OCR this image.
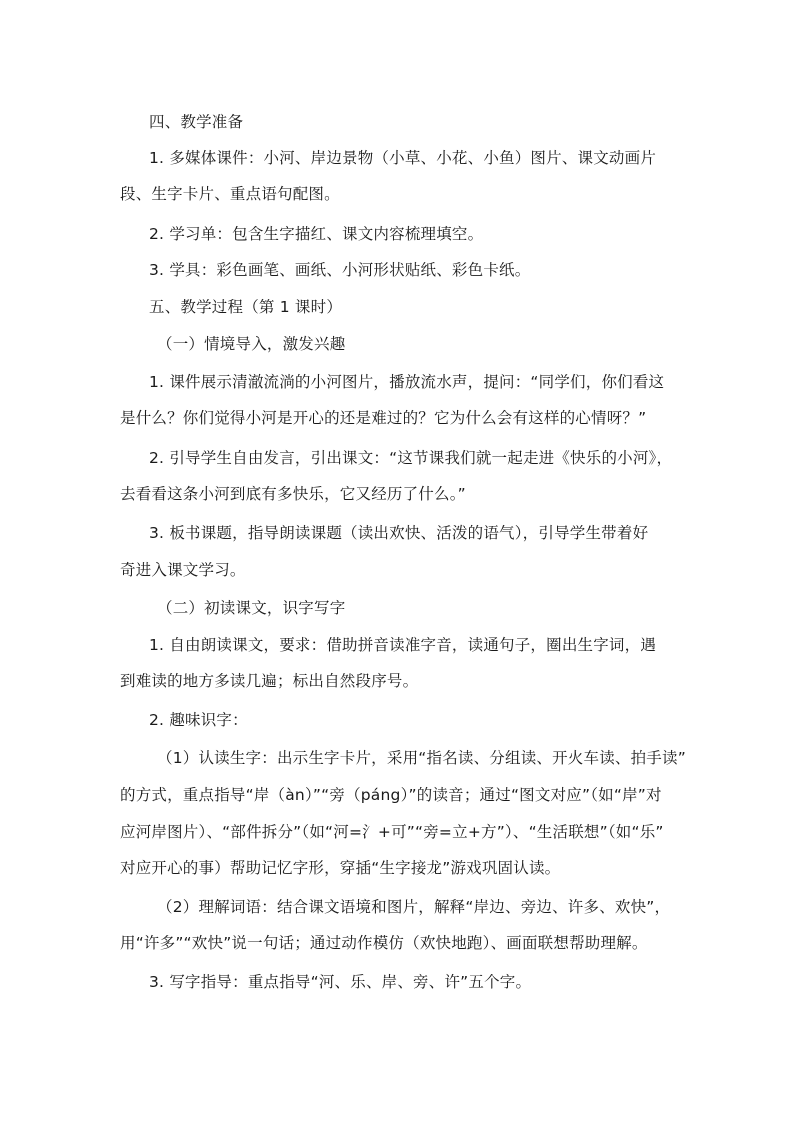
四、教学准备
1. 多媒体课件：小河、岸边景物（小草、小花、小鱼）图片、课文动画片
段、生字卡片、重点语句配图。
2. 学习单：包含生字描红、课文内容梳理填空。
3. 学具：彩色画笔、画纸、小河形状贴纸、彩色卡纸。
五、教学过程（第 1 课时）
（一）情境导入，激发兴趣
1. 课件展示清澈流淌的小河图片，播放流水声，提问：“同学们，你们看这
是什么？你们觉得小河是开心的还是难过的？它为什么会有这样的心情呀？”
2. 引导学生自由发言，引出课文：“这节课我们就一起走进《快乐的小河》，
去看看这条小河到底有多快乐，它又经历了什么。”
3. 板书课题，指导朗读课题（读出欢快、活泼的语气），引导学生带着好
奇进入课文学习。
（二）初读课文，识字写字
1. 自由朗读课文，要求：借助拼音读准字音，读通句子，圈出生字词，遇
到难读的地方多读几遍；标出自然段序号。
2. 趣味识字：
（1）认读生字：出示生字卡片，采用“指名读、分组读、开火车读、拍手读”
的方式，重点指导“岸（àn）”“旁（páng）”的读音；通过“图文对应”（如“岸”对
应河岸图片）、“部件拆分”（如“河=氵+可”“旁=立+方”）、“生活联想”（如“乐”
对应开心的事）帮助记忆字形，穿插“生字接龙”游戏巩固认读。
（2）理解词语：结合课文语境和图片，解释“岸边、旁边、许多、欢快”，
用“许多”“欢快”说一句话；通过动作模仿（欢快地跑）、画面联想帮助理解。
3. 写字指导：重点指导“河、乐、岸、旁、许”五个字。
